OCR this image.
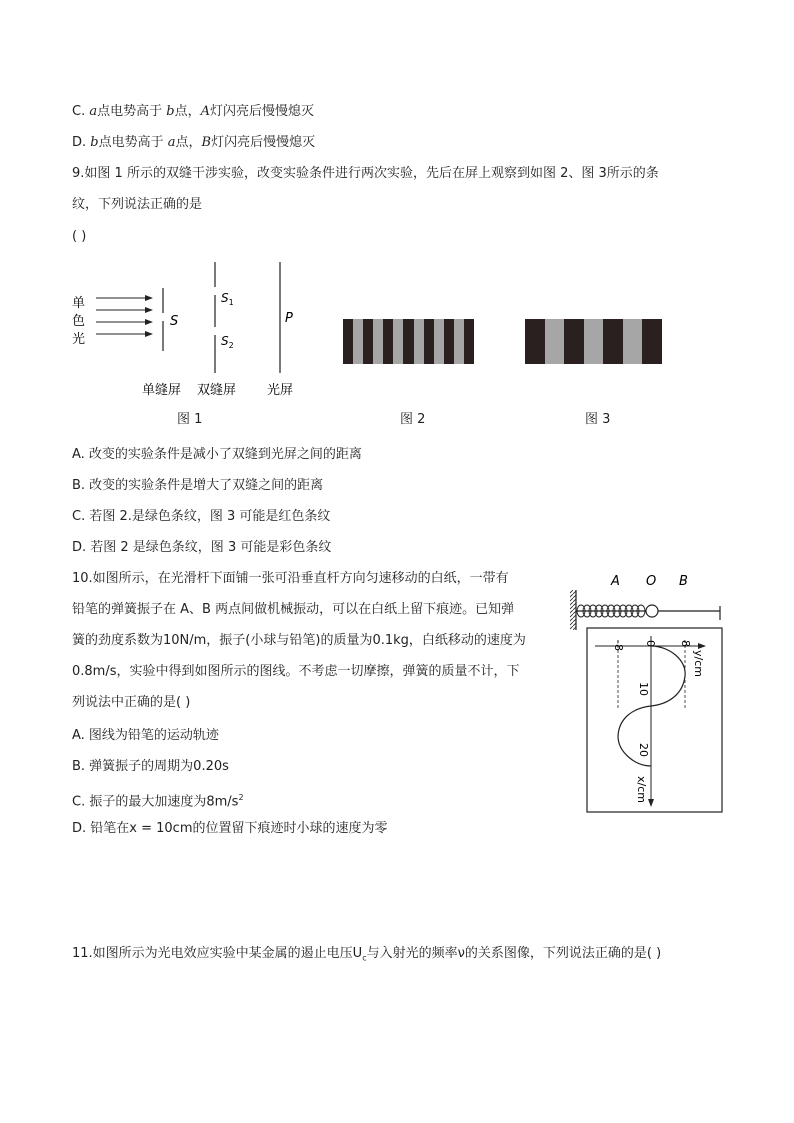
C. a点电势高于 b点，A灯闪亮后慢慢熄灭
D. b点电势高于 a点，B灯闪亮后慢慢熄灭
9.如图 1 所示的双缝干涉实验，改变实验条件进行两次实验，先后在屏上观察到如图 2、图 3所示的条
纹，下列说法正确的是
( )
单
色
光
S
$S_1$
$S_2$
P
单缝屏 双缝屏 光屏
图 1	图 2	图 3
A. 改变的实验条件是减小了双缝到光屏之间的距离
B. 改变的实验条件是增大了双缝之间的距离
C. 若图 2.是绿色条纹，图 3 可能是红色条纹
D. 若图 2 是绿色条纹，图 3 可能是彩色条纹
10.如图所示，在光滑杆下面铺一张可沿垂直杆方向匀速移动的白纸，一带有
铅笔的弹簧振子在 A、B 两点间做机械振动，可以在白纸上留下痕迹。已知弹
簧的劲度系数为10N/m，振子(小球与铅笔)的质量为0.1kg，白纸移动的速度为
0.8m/s，实验中得到如图所示的图线。不考虑一切摩擦，弹簧的质量不计，下
列说法中正确的是( )
A. 图线为铅笔的运动轨迹
B. 弹簧振子的周期为0.20s
C. 振子的最大加速度为$8m/s^2$
D. 铅笔在x = 10cm的位置留下痕迹时小球的速度为零
A O B
-8 0 8
y/cm
10
20
x/cm
11.如图所示为光电效应实验中某金属的遏止电压$U_c$与入射光的频率ν的关系图像，下列说法正确的是( )
